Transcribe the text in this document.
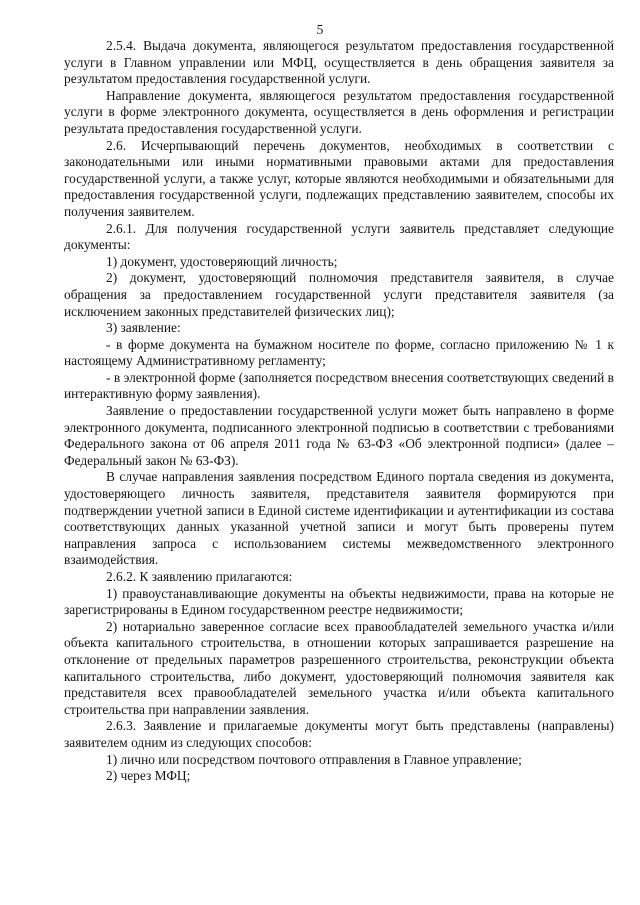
5

2.5.4. Выдача документа, являющегося результатом предоставления государственной услуги в Главном управлении или МФЦ, осуществляется в день обращения заявителя за результатом предоставления государственной услуги.

Направление документа, являющегося результатом предоставления государственной услуги в форме электронного документа, осуществляется в день оформления и регистрации результата предоставления государственной услуги.

2.6. Исчерпывающий перечень документов, необходимых в соответствии с законодательными или иными нормативными правовыми актами для предоставления государственной услуги, а также услуг, которые являются необходимыми и обязательными для предоставления государственной услуги, подлежащих представлению заявителем, способы их получения заявителем.

2.6.1. Для получения государственной услуги заявитель представляет следующие документы:

1) документ, удостоверяющий личность;

2) документ, удостоверяющий полномочия представителя заявителя, в случае обращения за предоставлением государственной услуги представителя заявителя (за исключением законных представителей физических лиц);

3) заявление:

- в форме документа на бумажном носителе по форме, согласно приложению № 1 к настоящему Административному регламенту;

- в электронной форме (заполняется посредством внесения соответствующих сведений в интерактивную форму заявления).

Заявление о предоставлении государственной услуги может быть направлено в форме электронного документа, подписанного электронной подписью в соответствии с требованиями Федерального закона от 06 апреля 2011 года № 63-ФЗ «Об электронной подписи» (далее – Федеральный закон № 63-ФЗ).

В случае направления заявления посредством Единого портала сведения из документа, удостоверяющего личность заявителя, представителя заявителя формируются при подтверждении учетной записи в Единой системе идентификации и аутентификации из состава соответствующих данных указанной учетной записи и могут быть проверены путем направления запроса с использованием системы межведомственного электронного взаимодействия.

2.6.2. К заявлению прилагаются:

1) правоустанавливающие документы на объекты недвижимости, права на которые не зарегистрированы в Едином государственном реестре недвижимости;

2) нотариально заверенное согласие всех правообладателей земельного участка и/или объекта капитального строительства, в отношении которых запрашивается разрешение на отклонение от предельных параметров разрешенного строительства, реконструкции объекта капитального строительства, либо документ, удостоверяющий полномочия заявителя как представителя всех правообладателей земельного участка и/или объекта капитального строительства при направлении заявления.

2.6.3. Заявление и прилагаемые документы могут быть представлены (направлены) заявителем одним из следующих способов:

1) лично или посредством почтового отправления в Главное управление;

2) через МФЦ;
